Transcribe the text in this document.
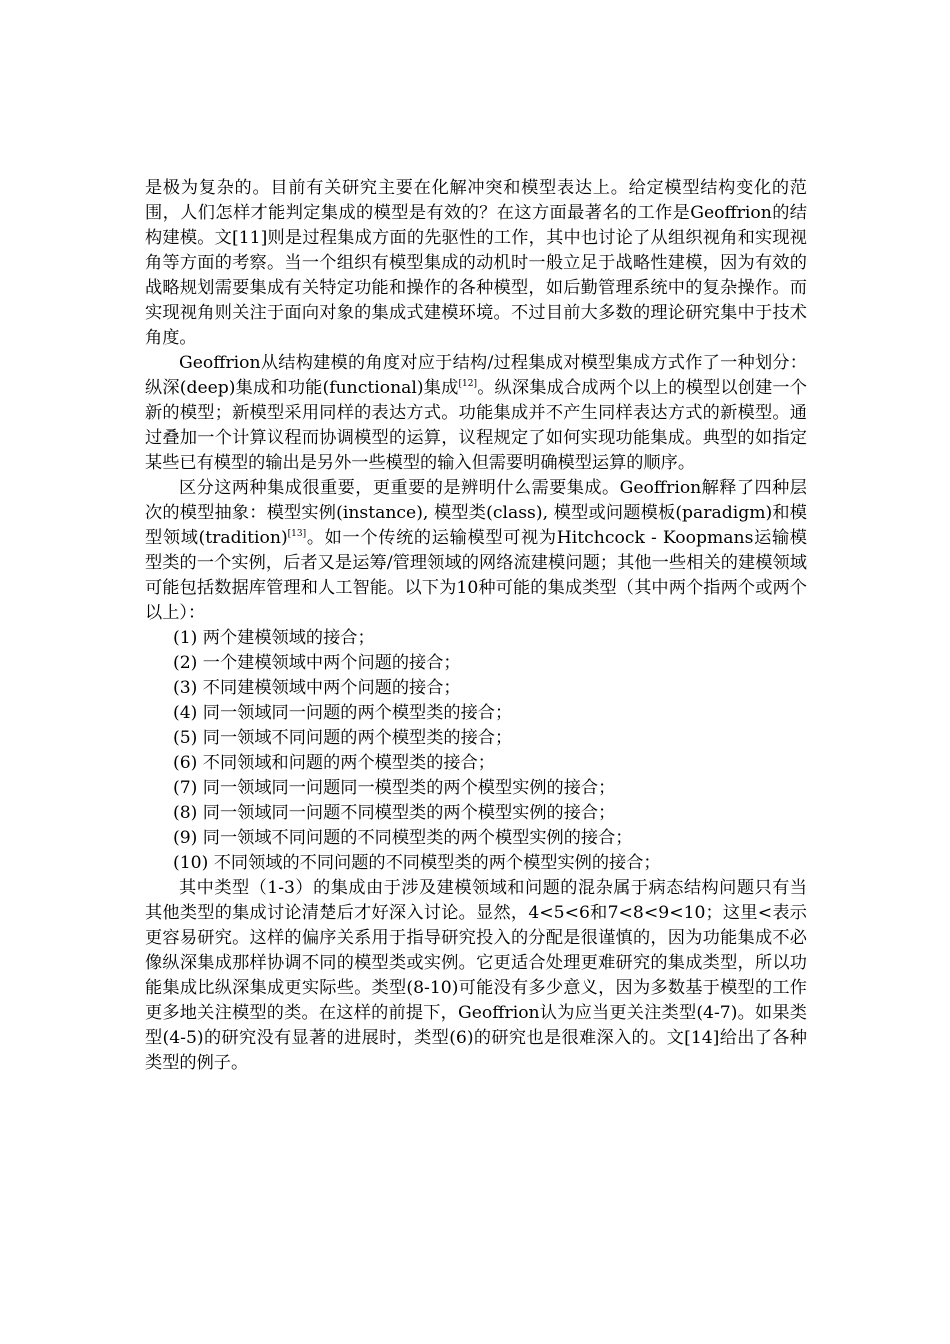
是极为复杂的。目前有关研究主要在化解冲突和模型表达上。给定模型结构变化的范围，人们怎样才能判定集成的模型是有效的？在这方面最著名的工作是Geoffrion的结构建模。文[11]则是过程集成方面的先驱性的工作，其中也讨论了从组织视角和实现视角等方面的考察。当一个组织有模型集成的动机时一般立足于战略性建模，因为有效的战略规划需要集成有关特定功能和操作的各种模型，如后勤管理系统中的复杂操作。而实现视角则关注于面向对象的集成式建模环境。不过目前大多数的理论研究集中于技术角度。

Geoffrion从结构建模的角度对应于结构/过程集成对模型集成方式作了一种划分：纵深(deep)集成和功能(functional)集成[12]。纵深集成合成两个以上的模型以创建一个新的模型；新模型采用同样的表达方式。功能集成并不产生同样表达方式的新模型。通过叠加一个计算议程而协调模型的运算，议程规定了如何实现功能集成。典型的如指定某些已有模型的输出是另外一些模型的输入但需要明确模型运算的顺序。

区分这两种集成很重要，更重要的是辨明什么需要集成。Geoffrion解释了四种层次的模型抽象：模型实例(instance), 模型类(class), 模型或问题模板(paradigm)和模型领域(tradition)[13]。如一个传统的运输模型可视为Hitchcock - Koopmans运输模型类的一个实例，后者又是运筹/管理领域的网络流建模问题；其他一些相关的建模领域可能包括数据库管理和人工智能。以下为10种可能的集成类型（其中两个指两个或两个以上）：

(1) 两个建模领域的接合；

(2) 一个建模领域中两个问题的接合；

(3) 不同建模领域中两个问题的接合；

(4) 同一领域同一问题的两个模型类的接合；

(5) 同一领域不同问题的两个模型类的接合；

(6) 不同领域和问题的两个模型类的接合；

(7) 同一领域同一问题同一模型类的两个模型实例的接合；

(8) 同一领域同一问题不同模型类的两个模型实例的接合；

(9) 同一领域不同问题的不同模型类的两个模型实例的接合；

(10) 不同领域的不同问题的不同模型类的两个模型实例的接合；

其中类型（1-3）的集成由于涉及建模领域和问题的混杂属于病态结构问题只有当其他类型的集成讨论清楚后才好深入讨论。显然，4<5<6和7<8<9<10；这里<表示更容易研究。这样的偏序关系用于指导研究投入的分配是很谨慎的，因为功能集成不必像纵深集成那样协调不同的模型类或实例。它更适合处理更难研究的集成类型，所以功能集成比纵深集成更实际些。类型(8-10)可能没有多少意义，因为多数基于模型的工作更多地关注模型的类。在这样的前提下，Geoffrion认为应当更关注类型(4-7)。如果类型(4-5)的研究没有显著的进展时，类型(6)的研究也是很难深入的。文[14]给出了各种类型的例子。
